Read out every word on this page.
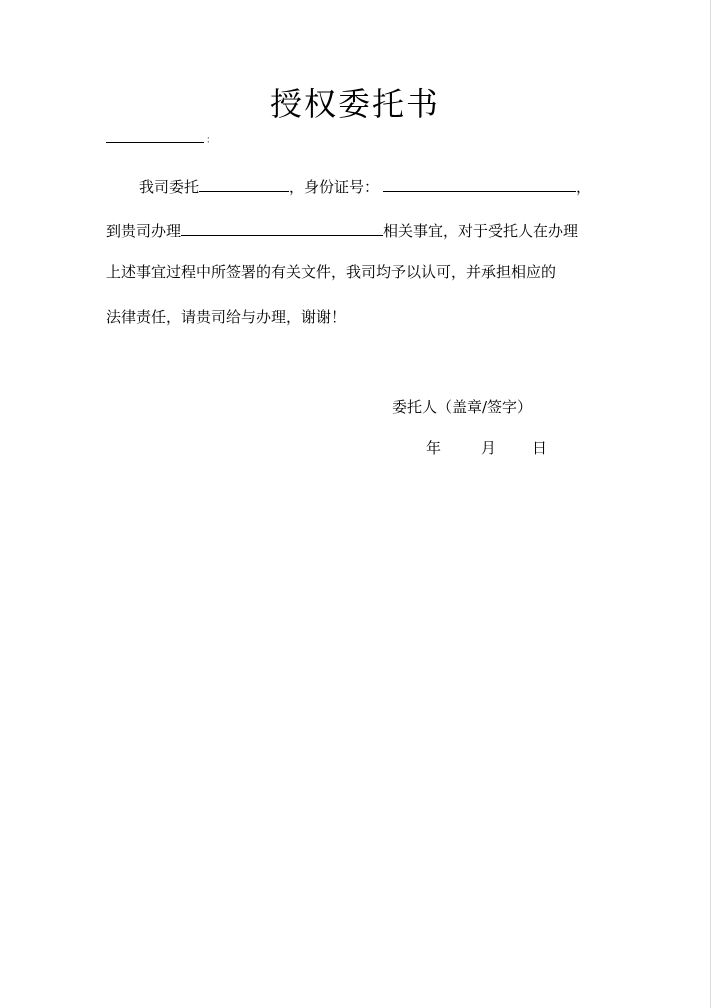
授权委托书
：
我司委托	，身份证号：	，
到贵司办理	相关事宜，对于受托人在办理
上述事宜过程中所签署的有关文件，我司均予以认可，并承担相应的
法律责任，请贵司给与办理，谢谢！
委托人（盖章/签字）
年	月 日
